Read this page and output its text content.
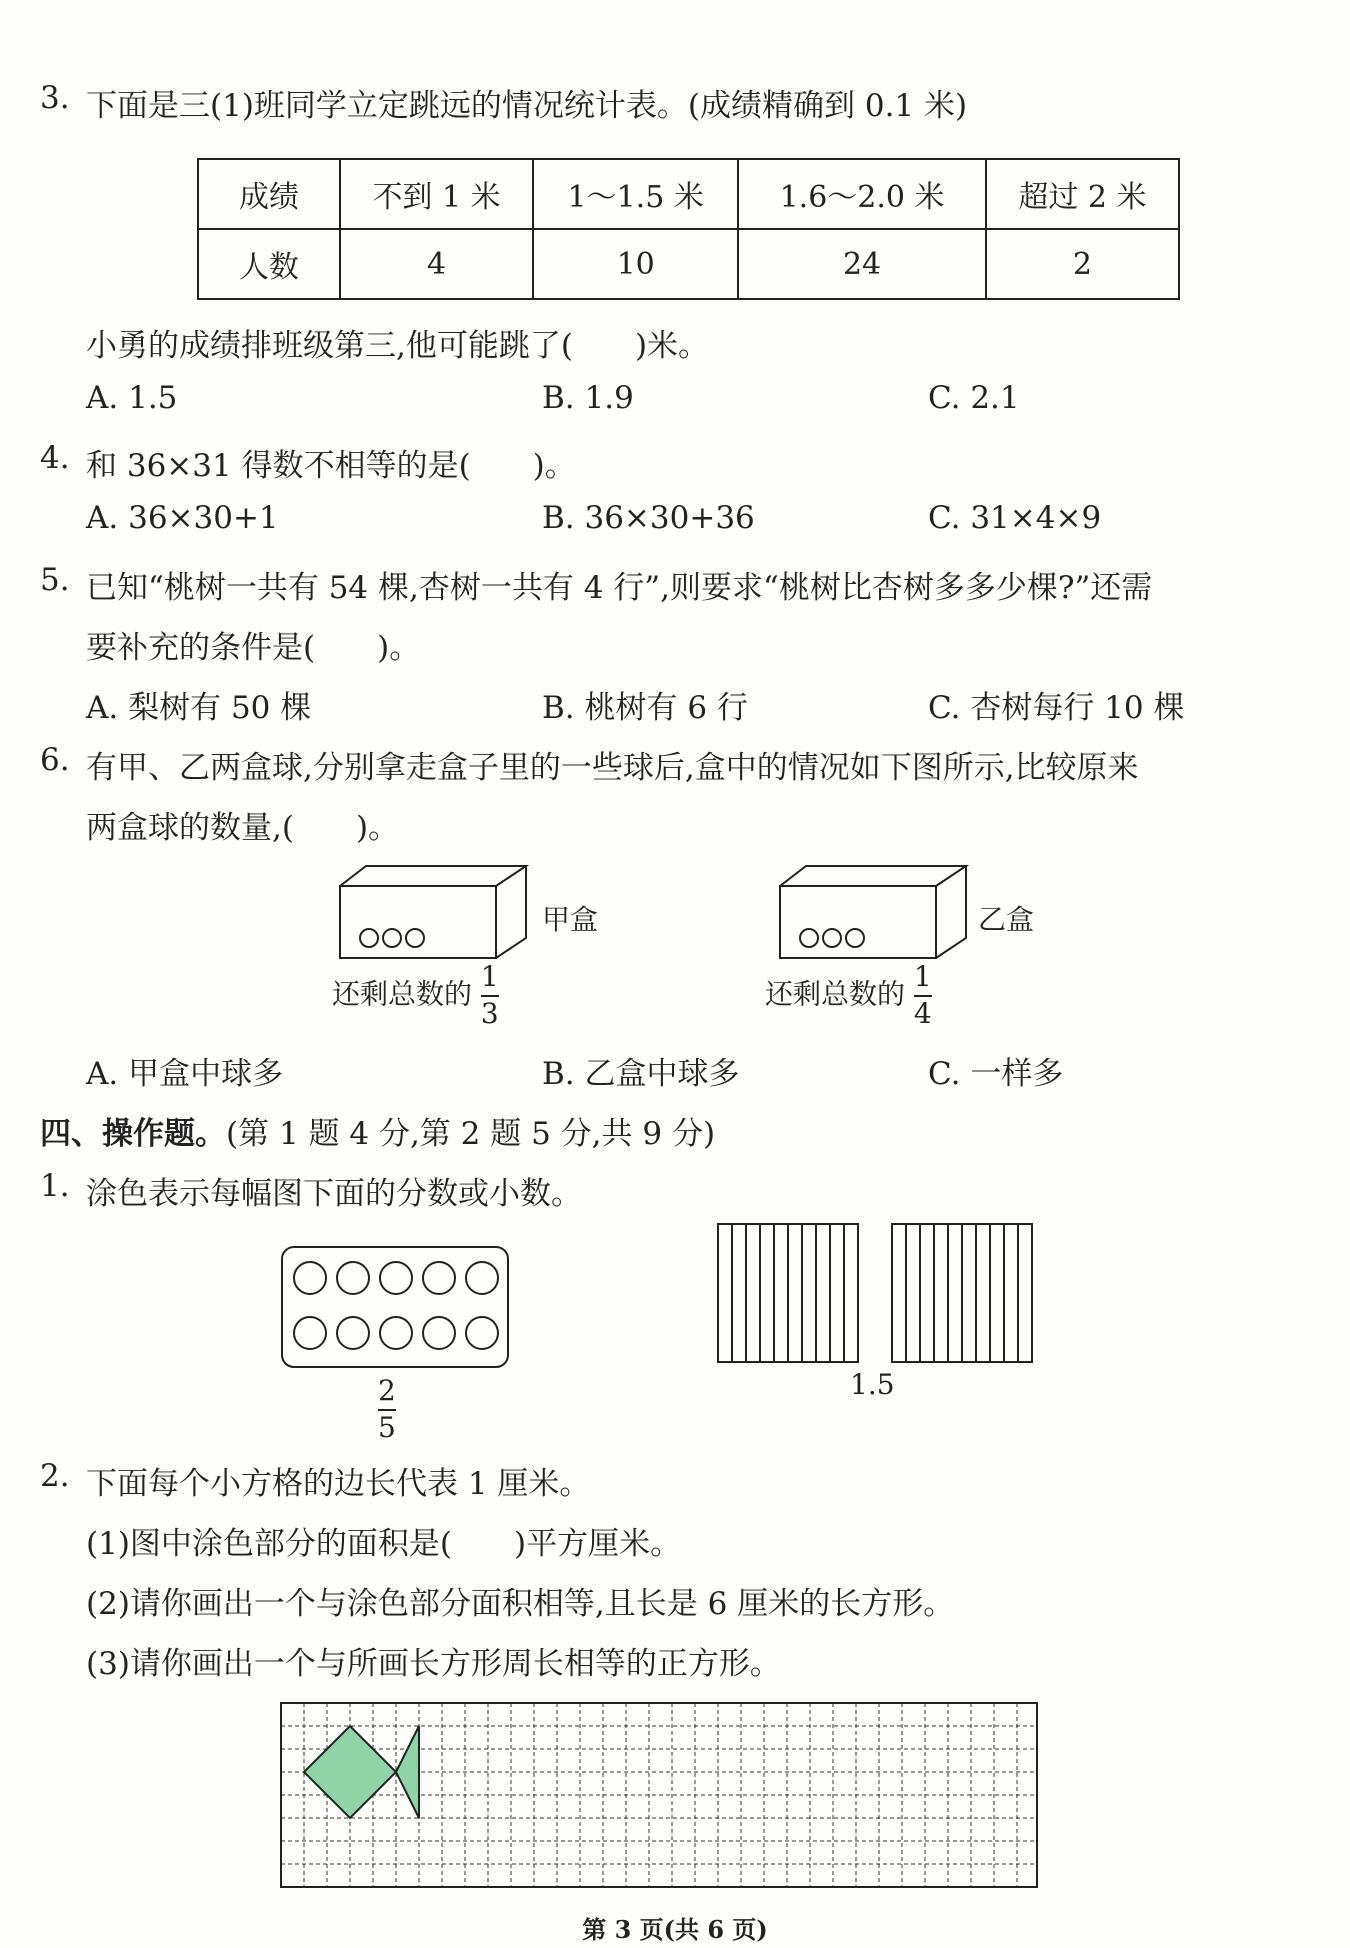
3. 下面是三(1)班同学立定跳远的情况统计表。(成绩精确到 0.1 米)
成绩	不到 1 米	1～1.5 米	1.6～2.0 米	超过 2 米
人数	4	10	24	2
小勇的成绩排班级第三,他可能跳了(　　)米。
A. 1.5	B. 1.9	C. 2.1
4. 和 36×31 得数不相等的是(　　)。
A. 36×30+1	B. 36×30+36	C. 31×4×9
5. 已知“桃树一共有 54 棵,杏树一共有 4 行”,则要求“桃树比杏树多多少棵?”还需
要补充的条件是(　　)。
A. 梨树有 50 棵	B. 桃树有 6 行	C. 杏树每行 10 棵
6. 有甲、乙两盒球,分别拿走盒子里的一些球后,盒中的情况如下图所示,比较原来
两盒球的数量,(　　)。
甲盒
还剩总数的 $\frac{1}{3}$
乙盒
还剩总数的 $\frac{1}{4}$
A. 甲盒中球多	B. 乙盒中球多	C. 一样多
四、操作题。(第 1 题 4 分,第 2 题 5 分,共 9 分)
1. 涂色表示每幅图下面的分数或小数。
$\frac{2}{5}$	1.5
2. 下面每个小方格的边长代表 1 厘米。
(1)图中涂色部分的面积是(　　)平方厘米。
(2)请你画出一个与涂色部分面积相等,且长是 6 厘米的长方形。
(3)请你画出一个与所画长方形周长相等的正方形。
第 3 页(共 6 页)
